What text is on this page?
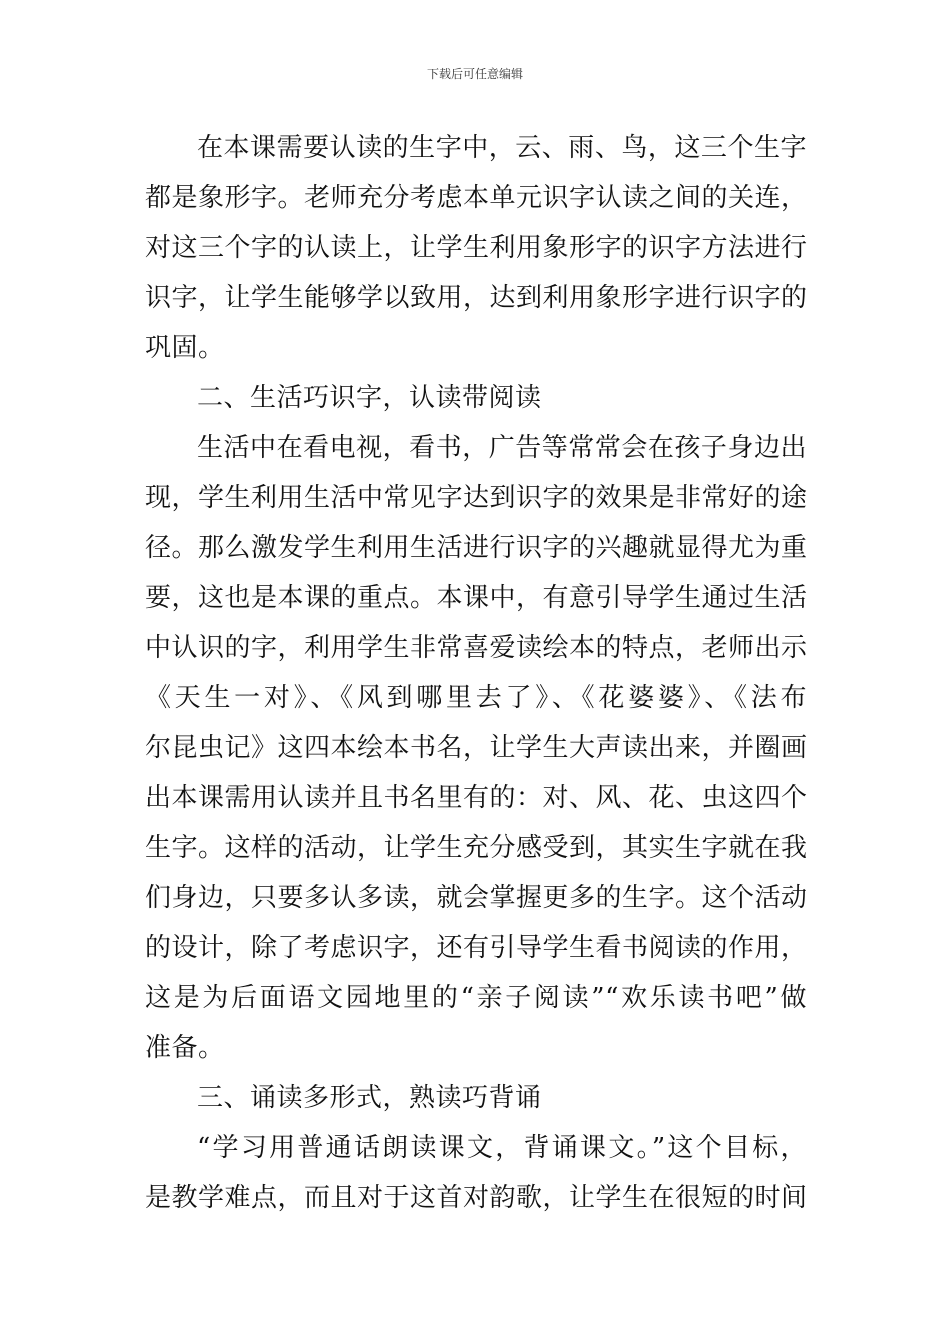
下载后可任意编辑
在本课需要认读的生字中，云、雨、鸟，这三个生字
都是象形字。老师充分考虑本单元识字认读之间的关连，
对这三个字的认读上，让学生利用象形字的识字方法进行
识字，让学生能够学以致用，达到利用象形字进行识字的
巩固。
二、生活巧识字，认读带阅读
生活中在看电视，看书，广告等常常会在孩子身边出
现，学生利用生活中常见字达到识字的效果是非常好的途
径。那么激发学生利用生活进行识字的兴趣就显得尤为重
要，这也是本课的重点。本课中，有意引导学生通过生活
中认识的字，利用学生非常喜爱读绘本的特点，老师出示
《天生一对》、《风到哪里去了》、《花婆婆》、《法布
尔昆虫记》这四本绘本书名，让学生大声读出来，并圈画
出本课需用认读并且书名里有的：对、风、花、虫这四个
生字。这样的活动，让学生充分感受到，其实生字就在我
们身边，只要多认多读，就会掌握更多的生字。这个活动
的设计，除了考虑识字，还有引导学生看书阅读的作用，
这是为后面语文园地里的“亲子阅读”“欢乐读书吧”做
准备。
三、诵读多形式，熟读巧背诵
“学习用普通话朗读课文，背诵课文。”这个目标，
是教学难点，而且对于这首对韵歌，让学生在很短的时间
